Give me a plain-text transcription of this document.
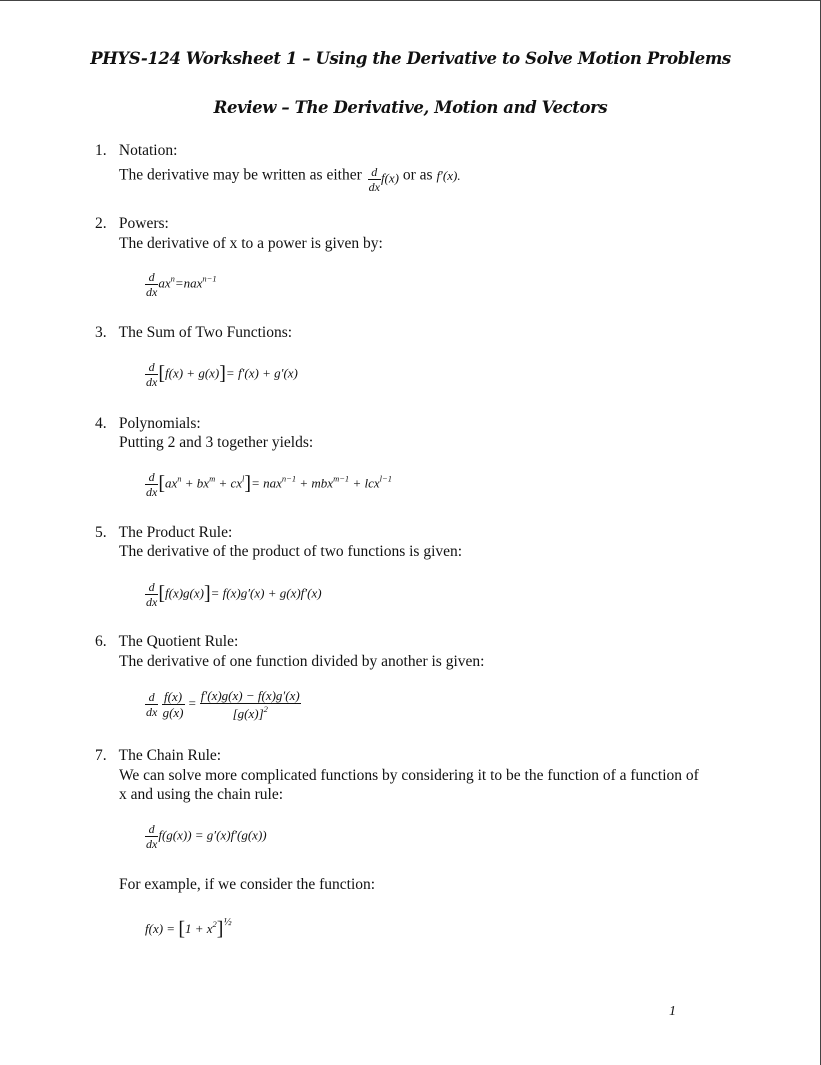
PHYS-124 Worksheet 1 – Using the Derivative to Solve Motion Problems
Review – The Derivative, Motion and Vectors
1. Notation:
The derivative may be written as either $\frac{d}{dx} f(x)$ or as f′(x).
2. Powers:
The derivative of x to a power is given by:
$\frac{d}{dx} ax^n=nax^{n-1}$
3. The Sum of Two Functions:
$\frac{d}{dx} [f(x) + g(x)]= f'(x) + g'(x)$
4. Polynomials:
Putting 2 and 3 together yields:
$\frac{d}{dx} [ax^n + bx^m + cx^l]= nax^{n-1} + mbx^{m-1} + lcx^{l-1}$
5. The Product Rule:
The derivative of the product of two functions is given:
$\frac{d}{dx} [f(x)g(x)]= f(x)g'(x) + g(x)f'(x)$
6. The Quotient Rule:
The derivative of one function divided by another is given:
$\frac{d}{dx}$
$\frac{f(x)}{g(x)} = \frac{f'(x)g(x) - f(x)g'(x)}{[g(x)]^2}$
7. The Chain Rule:
We can solve more complicated functions by considering it to be the function of a function of
x and using the chain rule:
$\frac{d}{dx} f(g(x)) = g'(x)f'(g(x))$
For example, if we consider the function:
$f(x) = [1 + x^2]^{\frac{1}{2}}$
1
